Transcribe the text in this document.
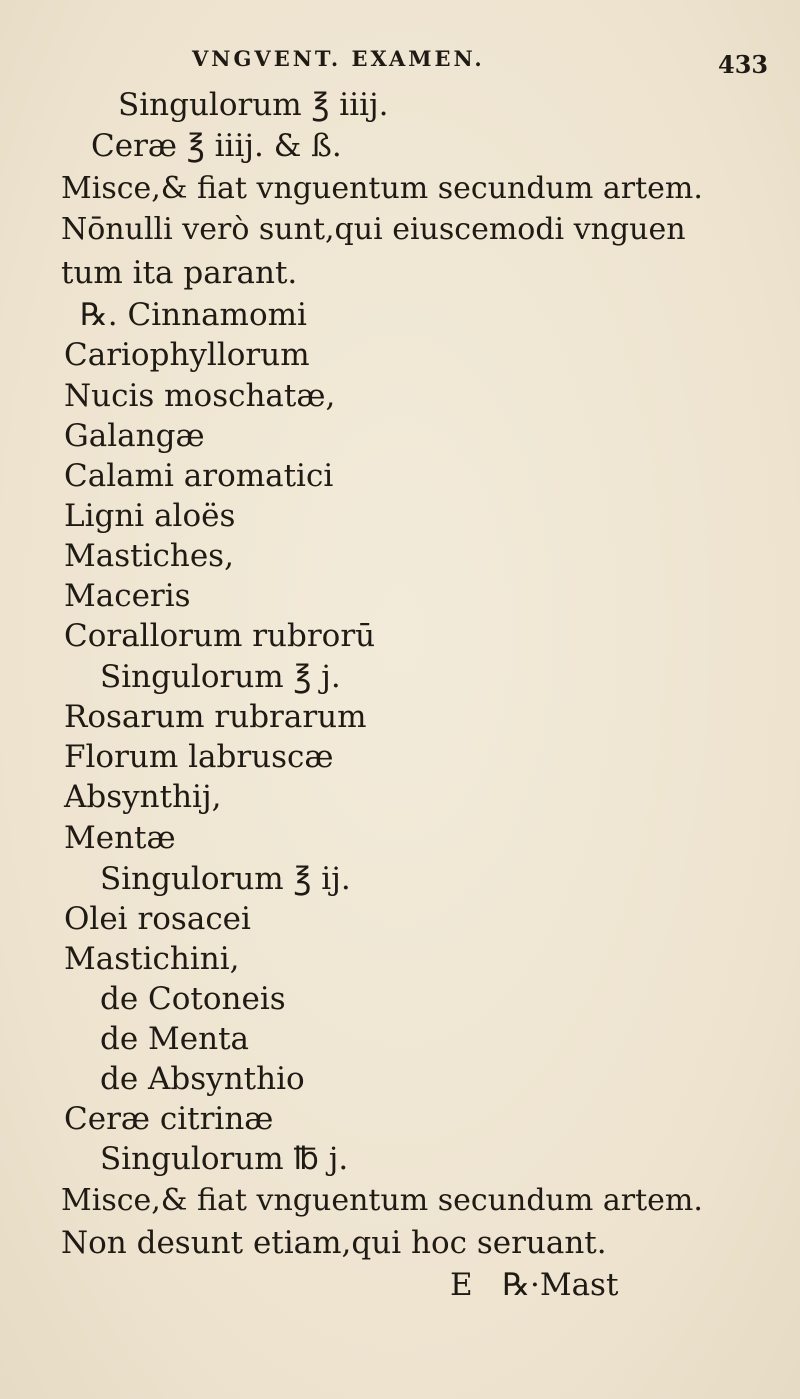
VNGVENT. EXAMEN.	433
Singulorum ℥ iiij.
Ceræ ℥ iiij. & ß.
Misce,& fiat vnguentum secundum artem.
Nōnulli verò sunt,qui eiuscemodi vnguen
tum ita parant.
℞. Cinnamomi
Cariophyllorum
Nucis moschatæ,
Galangæ
Calami aromatici
Ligni aloës
Mastiches,
Maceris
Corallorum rubrorū
Singulorum ℥ j.
Rosarum rubrarum
Florum labruscæ
Absynthij,
Mentæ
Singulorum ℥ ij.
Olei rosacei
Mastichini,
de Cotoneis
de Menta
de Absynthio
Ceræ citrinæ
Singulorum ℔ j.
Misce,& fiat vnguentum secundum artem.
Non desunt etiam,qui hoc seruant.
E   ℞·Mast
